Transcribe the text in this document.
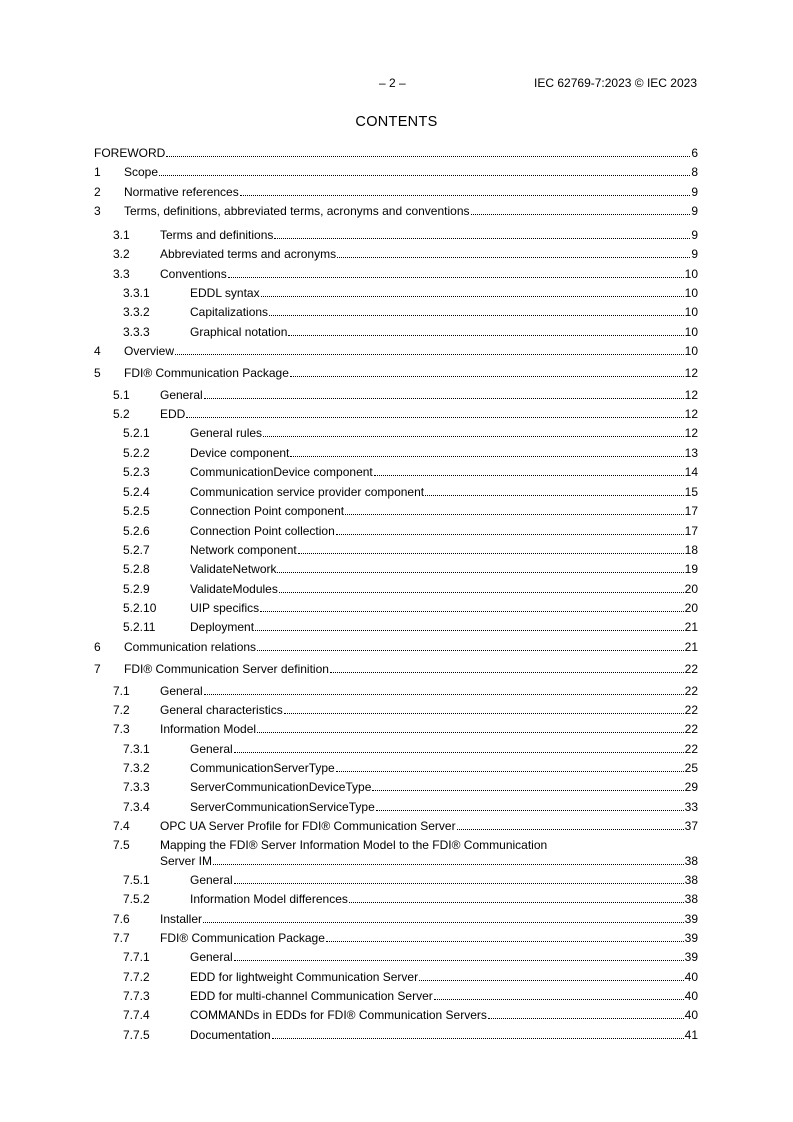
– 2 –	IEC 62769-7:2023 © IEC 2023
CONTENTS
FOREWORD	6
1 Scope	8
2 Normative references	9
3 Terms, definitions, abbreviated terms, acronyms and conventions	9
3.1	Terms and definitions	9
3.2	Abbreviated terms and acronyms	9
3.3	Conventions	10
3.3.1	EDDL syntax	10
3.3.2	Capitalizations	10
3.3.3	Graphical notation	10
4 Overview	10
5 FDI® Communication Package	12
5.1	General	12
5.2	EDD	12
5.2.1	General rules	12
5.2.2	Device component	13
5.2.3	CommunicationDevice component	14
5.2.4	Communication service provider component	15
5.2.5	Connection Point component	17
5.2.6	Connection Point collection	17
5.2.7	Network component	18
5.2.8	ValidateNetwork	19
5.2.9	ValidateModules	20
5.2.10	UIP specifics	20
5.2.11	Deployment	21
6 Communication relations	21
7 FDI® Communication Server definition	22
7.1	General	22
7.2	General characteristics	22
7.3	Information Model	22
7.3.1	General	22
7.3.2	CommunicationServerType	25
7.3.3	ServerCommunicationDeviceType	29
7.3.4	ServerCommunicationServiceType	33
7.4	OPC UA Server Profile for FDI® Communication Server	37
7.5	Mapping the FDI® Server Information Model to the FDI® Communication
Server IM	38
7.5.1	General	38
7.5.2	Information Model differences	38
7.6	Installer	39
7.7	FDI® Communication Package	39
7.7.1	General	39
7.7.2	EDD for lightweight Communication Server	40
7.7.3	EDD for multi-channel Communication Server	40
7.7.4	COMMANDs in EDDs for FDI® Communication Servers	40
7.7.5	Documentation	41
